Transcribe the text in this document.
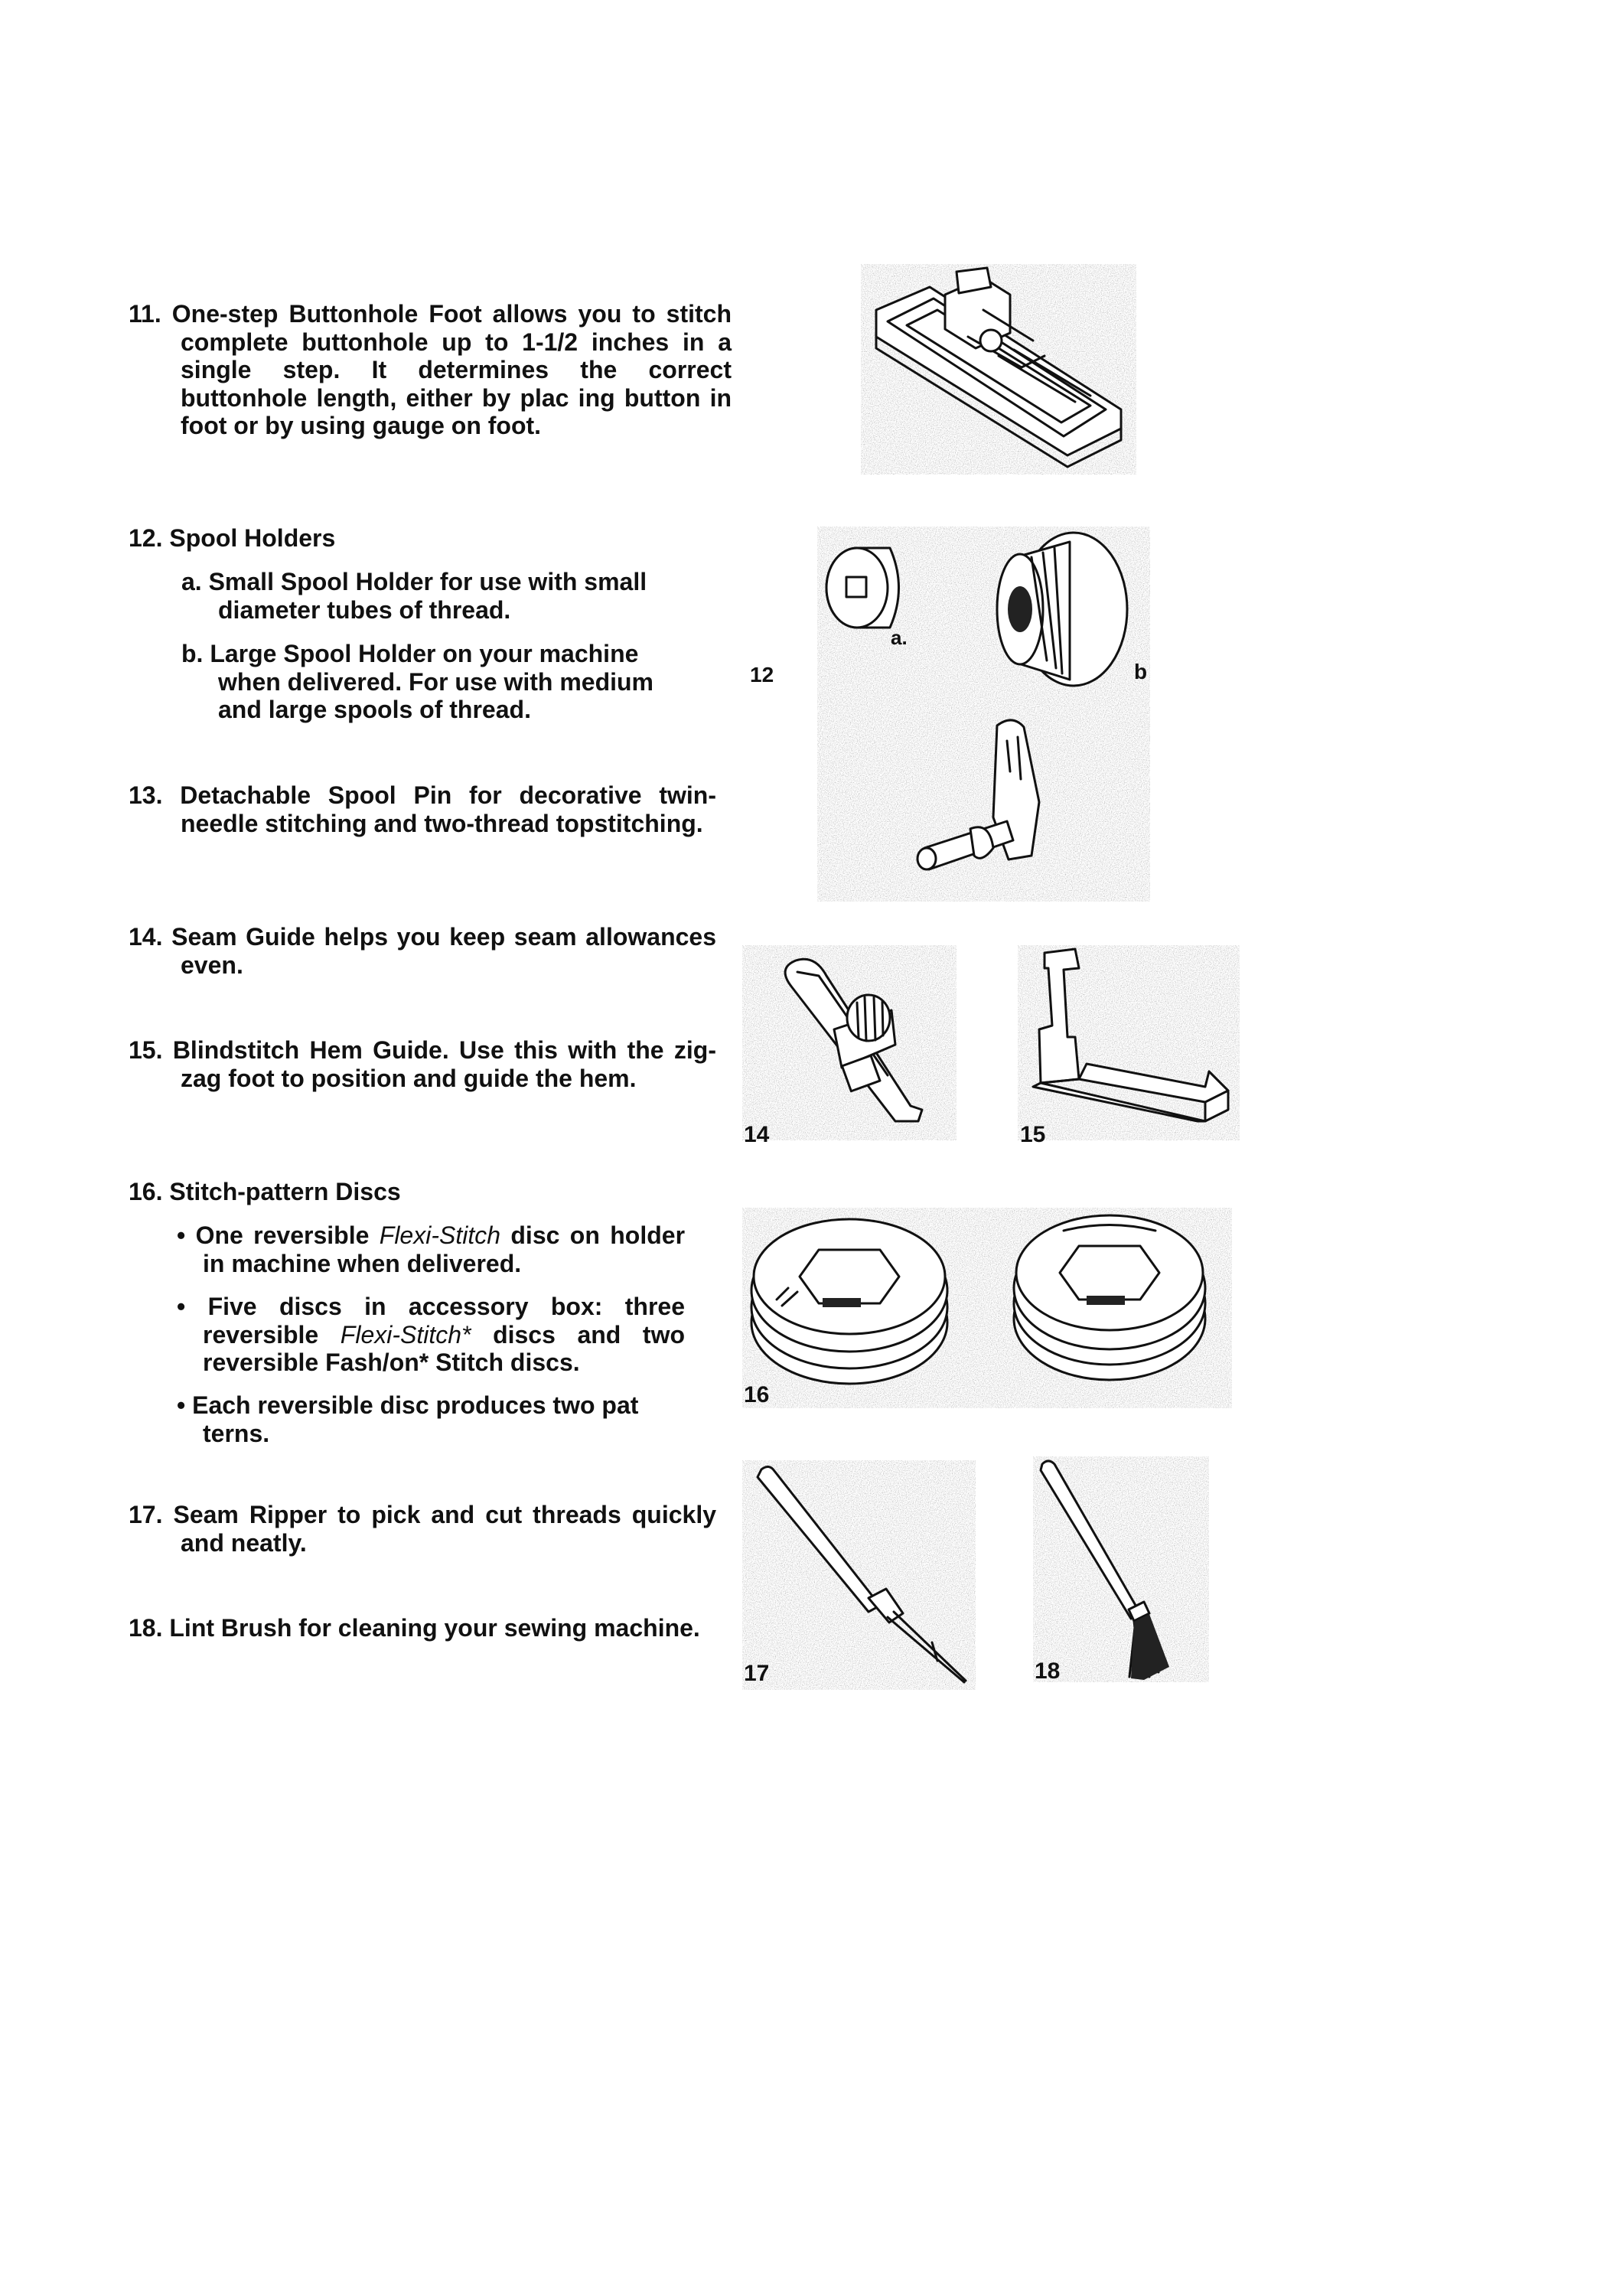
11. One-step Buttonhole Foot allows you to stitch complete buttonhole up to 1-1/2 inches in a single step. It determines the correct buttonhole length, either by plac ing button in foot or by using gauge on foot.
12. Spool Holders
a. Small Spool Holder for use with small diameter tubes of thread.
b. Large Spool Holder on your machine when delivered. For use with medium and large spools of thread.
13. Detachable Spool Pin for decorative twin-needle stitching and two-thread topstitching.
14. Seam Guide helps you keep seam allowances even.
15. Blindstitch Hem Guide. Use this with the zig-zag foot to position and guide the hem.
16. Stitch-pattern Discs
• One reversible Flexi-Stitch disc on holder in machine when delivered.
• Five discs in accessory box: three reversible Flexi-Stitch* discs and two reversible Fash/on* Stitch discs.
• Each reversible disc produces two pat terns.
17. Seam Ripper to pick and cut threads quickly and neatly.
18. Lint Brush for cleaning your sewing machine.
12
a.
b
14	15
16
17	18
